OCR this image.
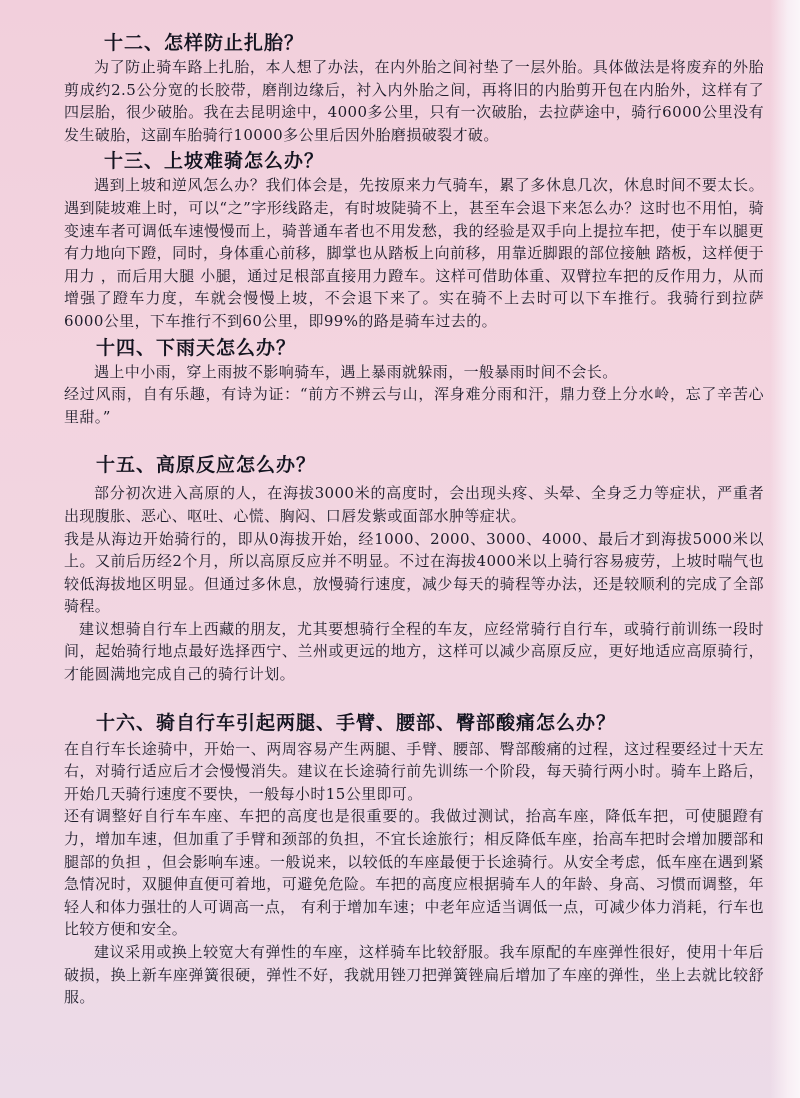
十二、怎样防止扎胎？

为了防止骑车路上扎胎，本人想了办法，在内外胎之间衬垫了一层外胎。具体做法是将废弃的外胎剪成约2.5公分宽的长胶带，磨削边缘后，衬入内外胎之间，再将旧的内胎剪开包在内胎外，这样有了四层胎，很少破胎。我在去昆明途中，4000多公里，只有一次破胎，去拉萨途中，骑行6000公里没有发生破胎，这副车胎骑行10000多公里后因外胎磨损破裂才破。

十三、上坡难骑怎么办？

遇到上坡和逆风怎么办？我们体会是，先按原来力气骑车，累了多休息几次，休息时间不要太长。遇到陡坡难上时，可以“之”字形线路走，有时坡陡骑不上，甚至车会退下来怎么办？这时也不用怕，骑变速车者可调低车速慢慢而上，骑普通车者也不用发愁，我的经验是双手向上提拉车把，使于车以腿更有力地向下蹬，同时，身体重心前移，脚掌也从踏板上向前移，用靠近脚跟的部位接触 踏板，这样便于用力 ，而后用大腿 小腿，通过足根部直接用力蹬车。这样可借助体重、双臂拉车把的反作用力，从而增强了蹬车力度，车就会慢慢上坡，不会退下来了。实在骑不上去时可以下车推行。我骑行到拉萨6000公里，下车推行不到60公里，即99%的路是骑车过去的。

十四、下雨天怎么办？

遇上中小雨，穿上雨披不影响骑车，遇上暴雨就躲雨，一般暴雨时间不会长。

经过风雨，自有乐趣，有诗为证：“前方不辨云与山，浑身难分雨和汗，鼎力登上分水岭，忘了辛苦心里甜。”

十五、高原反应怎么办？

部分初次进入高原的人，在海拔3000米的高度时，会出现头疼、头晕、全身乏力等症状，严重者出现腹胀、恶心、呕吐、心慌、胸闷、口唇发紫或面部水肿等症状。

我是从海边开始骑行的，即从0海拔开始，经1000、2000、3000、4000、最后才到海拔5000米以上。又前后历经2个月，所以高原反应并不明显。不过在海拔4000米以上骑行容易疲劳，上坡时喘气也较低海拔地区明显。但通过多休息，放慢骑行速度，减少每天的骑程等办法，还是较顺利的完成了全部骑程。

建议想骑自行车上西藏的朋友，尤其要想骑行全程的车友，应经常骑行自行车，或骑行前训练一段时间，起始骑行地点最好选择西宁、兰州或更远的地方，这样可以减少高原反应，更好地适应高原骑行，才能圆满地完成自己的骑行计划。

十六、骑自行车引起两腿、手臂、腰部、臀部酸痛怎么办？

在自行车长途骑中，开始一、两周容易产生两腿、手臂、腰部、臀部酸痛的过程，这过程要经过十天左右，对骑行适应后才会慢慢消失。建议在长途骑行前先训练一个阶段，每天骑行两小时。骑车上路后，开始几天骑行速度不要快，一般每小时15公里即可。

还有调整好自行车车座、车把的高度也是很重要的。我做过测试，抬高车座，降低车把，可使腿蹬有力，增加车速，但加重了手臂和颈部的负担，不宜长途旅行；相反降低车座，抬高车把时会增加腰部和腿部的负担 ，但会影响车速。一般说来，以较低的车座最便于长途骑行。从安全考虑，低车座在遇到紧急情况时，双腿伸直便可着地，可避免危险。车把的高度应根据骑车人的年龄、身高、习惯而调整，年轻人和体力强壮的人可调高一点， 有利于增加车速；中老年应适当调低一点，可减少体力消耗，行车也比较方便和安全。

建议采用或换上较宽大有弹性的车座，这样骑车比较舒服。我车原配的车座弹性很好，使用十年后破损，换上新车座弹簧很硬，弹性不好，我就用锉刀把弹簧锉扁后增加了车座的弹性，坐上去就比较舒服。
